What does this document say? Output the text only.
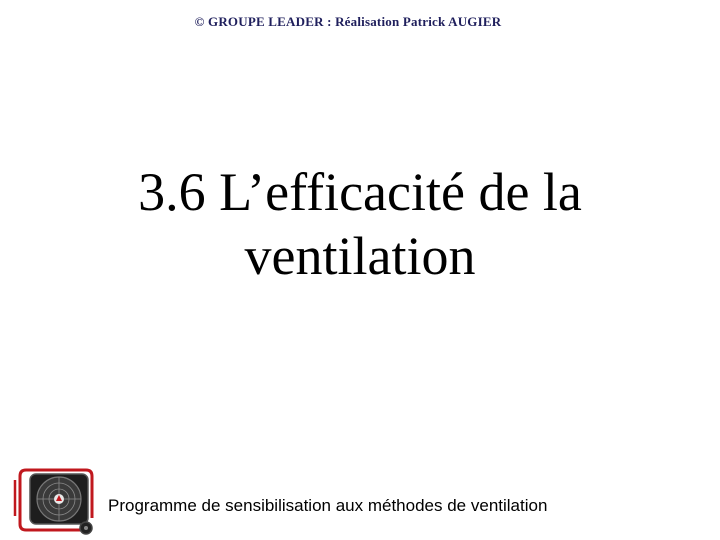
© GROUPE LEADER : Réalisation Patrick AUGIER
3.6 L’efficacité de la
ventilation
Programme de sensibilisation aux méthodes de ventilation
